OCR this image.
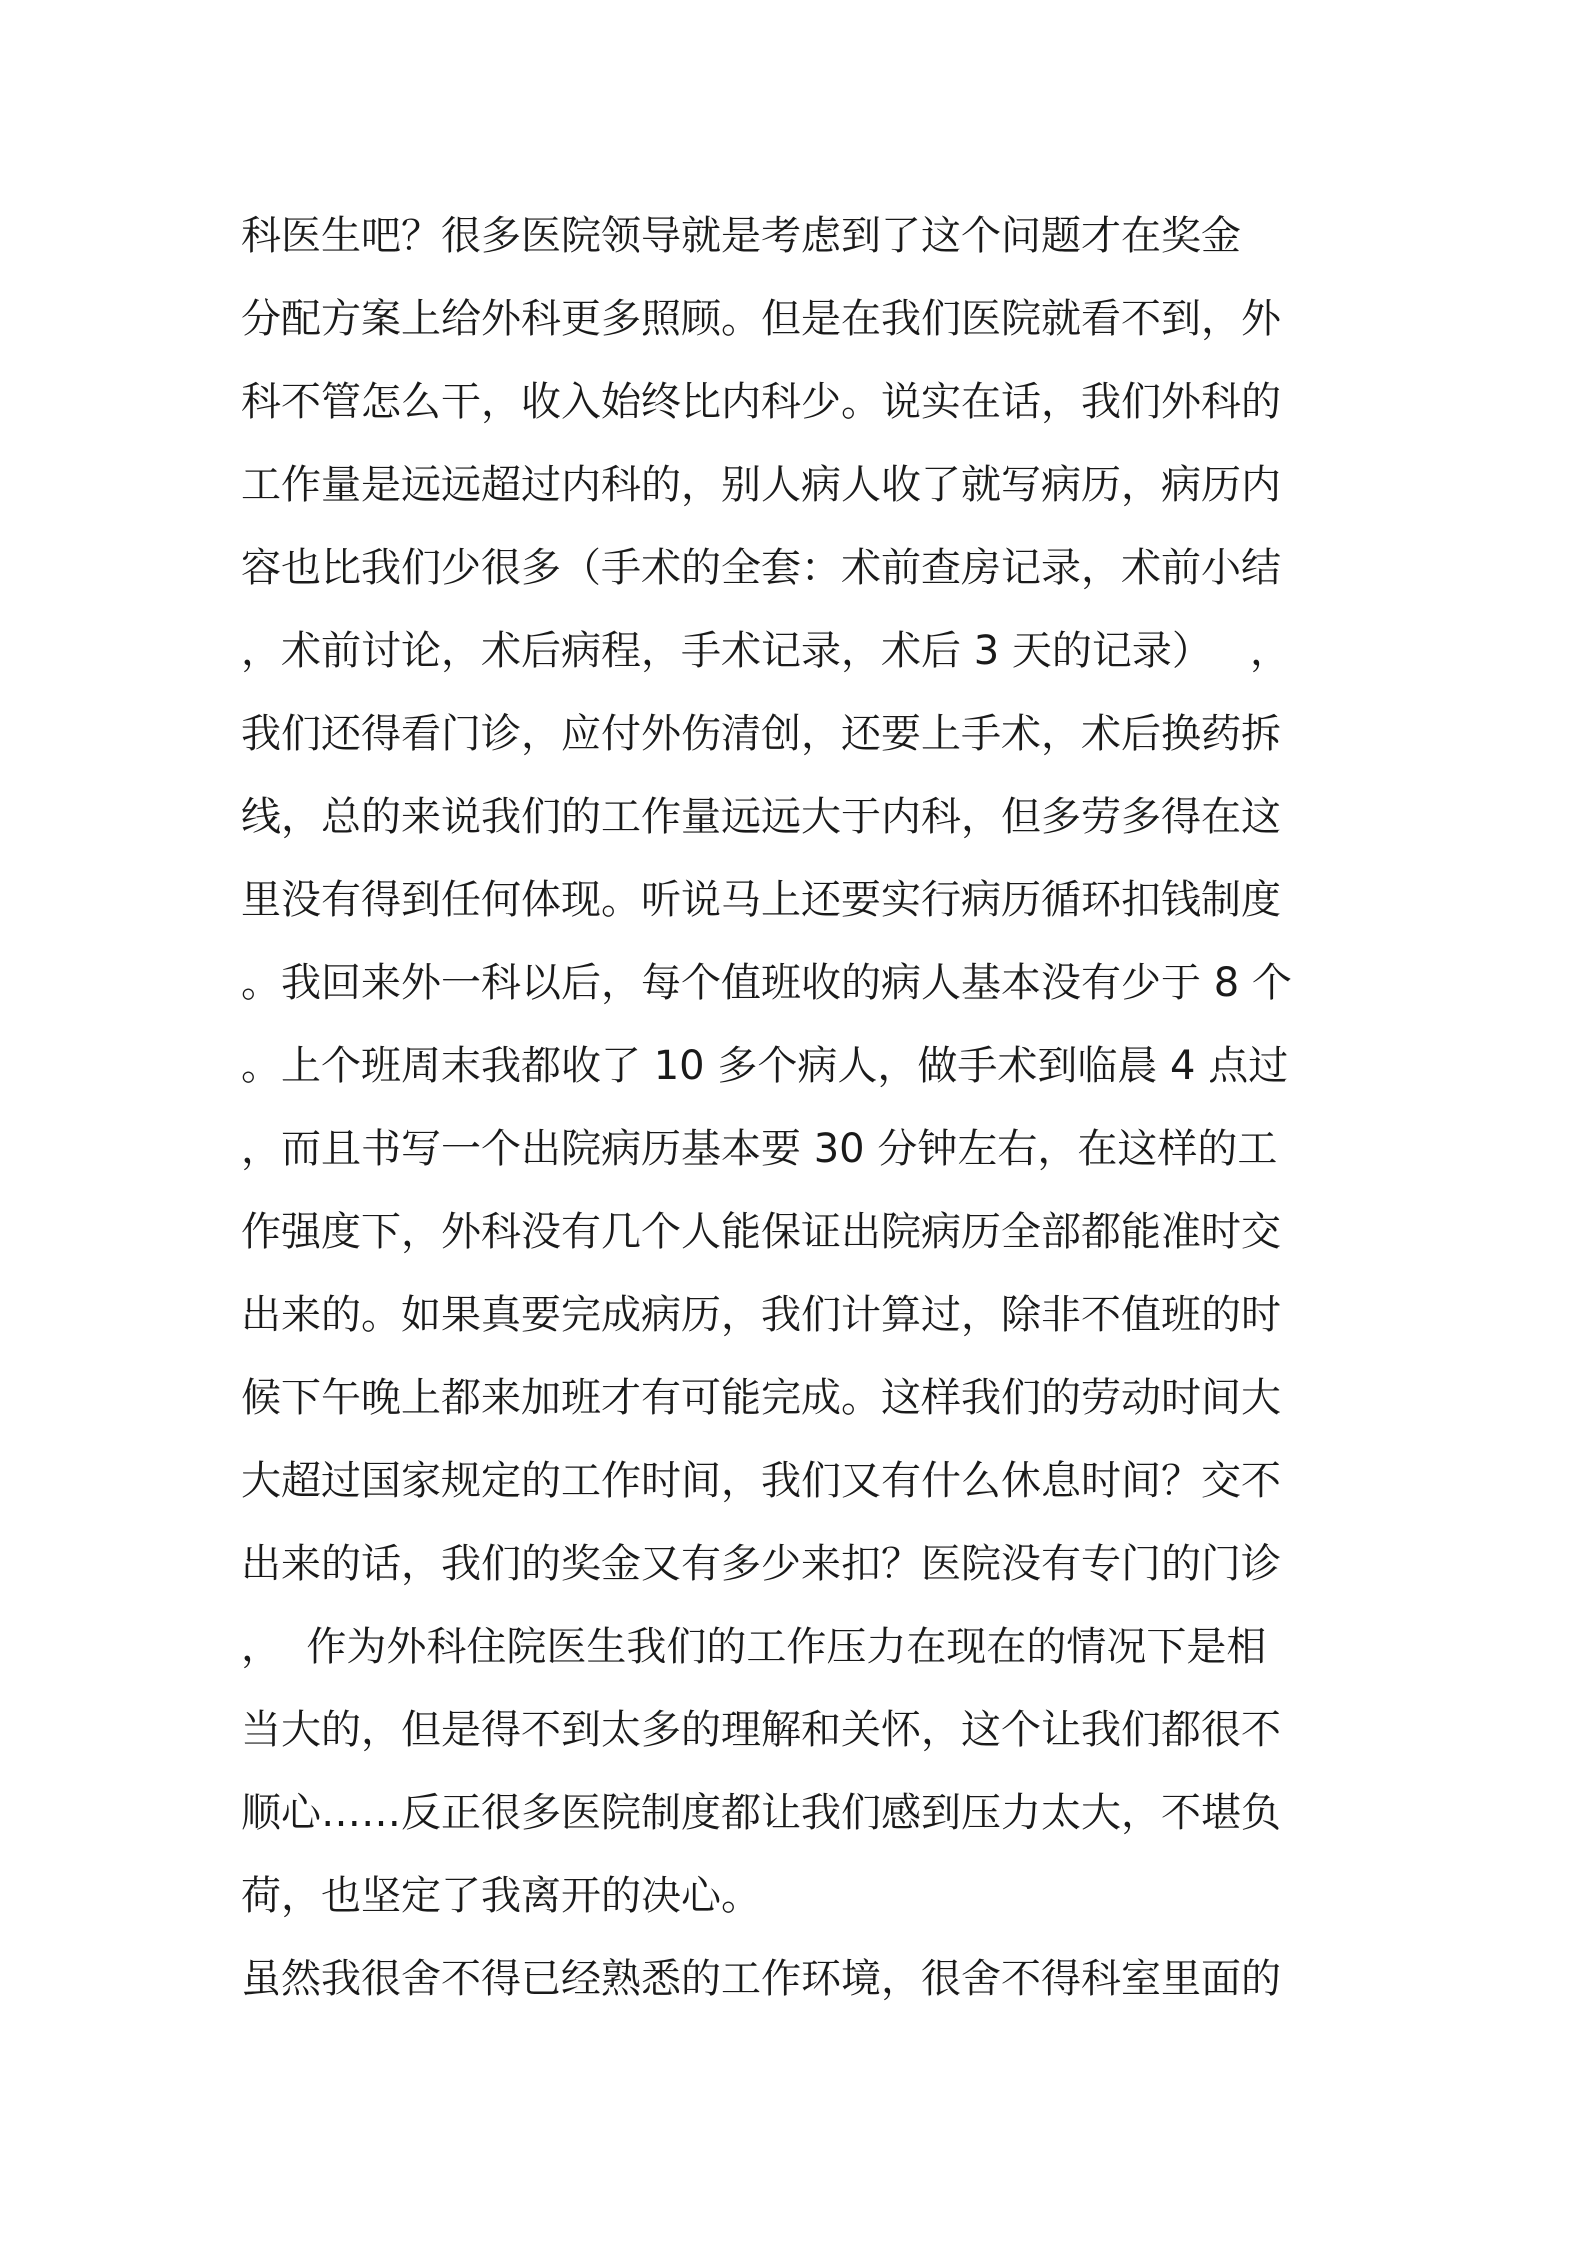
科医生吧？很多医院领导就是考虑到了这个问题才在奖金
分配方案上给外科更多照顾。但是在我们医院就看不到，外
科不管怎么干，收入始终比内科少。说实在话，我们外科的
工作量是远远超过内科的，别人病人收了就写病历，病历内
容也比我们少很多（手术的全套：术前查房记录，术前小结
，术前讨论，术后病程，手术记录，术后 3 天的记录）   ，
我们还得看门诊，应付外伤清创，还要上手术，术后换药拆
线，总的来说我们的工作量远远大于内科，但多劳多得在这
里没有得到任何体现。听说马上还要实行病历循环扣钱制度
。我回来外一科以后，每个值班收的病人基本没有少于 8 个
。上个班周末我都收了 10 多个病人，做手术到临晨 4 点过
，而且书写一个出院病历基本要 30 分钟左右，在这样的工
作强度下，外科没有几个人能保证出院病历全部都能准时交
出来的。如果真要完成病历，我们计算过，除非不值班的时
候下午晚上都来加班才有可能完成。这样我们的劳动时间大
大超过国家规定的工作时间，我们又有什么休息时间？交不
出来的话，我们的奖金又有多少来扣？医院没有专门的门诊
，  作为外科住院医生我们的工作压力在现在的情况下是相
当大的，但是得不到太多的理解和关怀，这个让我们都很不
顺心……反正很多医院制度都让我们感到压力太大，不堪负
荷，也坚定了我离开的决心。
虽然我很舍不得已经熟悉的工作环境，很舍不得科室里面的
